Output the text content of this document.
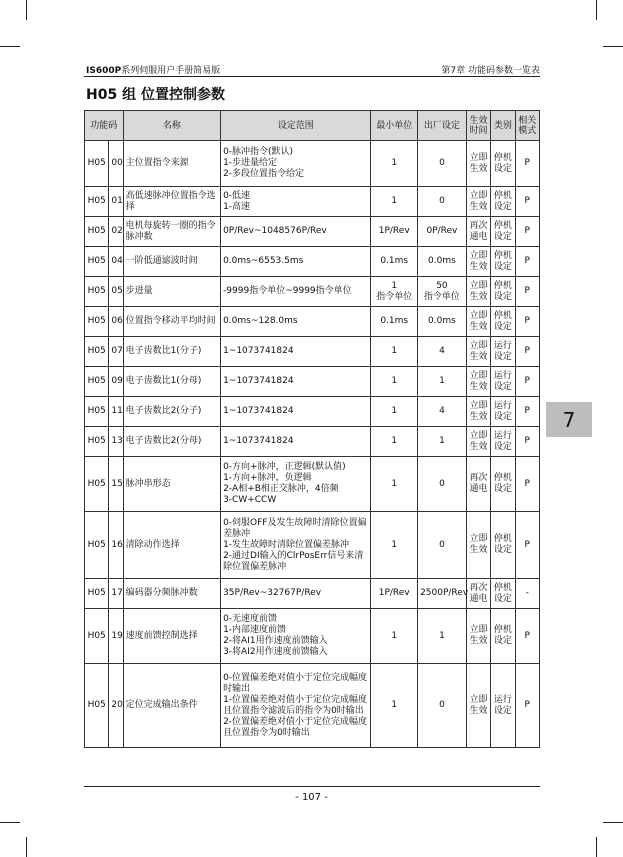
IS600P系列伺服用户手册简易版	第7章 功能码参数一览表
H05 组 位置控制参数
功能码		名称	设定范围	最小单位	出厂设定	生效时间	类别	相关模式
H05	00	主位置指令来源	0-脉冲指令(默认)
1-步进量给定
2-多段位置指令给定	1	0	立即生效	停机设定	P
H05	01	高低速脉冲位置指令选择	0-低速
1-高速	1	0	立即生效	停机设定	P
H05	02	电机每旋转一圈的指令脉冲数	0P/Rev~1048576P/Rev	1P/Rev	0P/Rev	再次通电	停机设定	P
H05	04	一阶低通滤波时间	0.0ms~6553.5ms	0.1ms	0.0ms	立即生效	停机设定	P
H05	05	步进量	-9999指令单位~9999指令单位	1
指令单位	50
指令单位	立即生效	停机设定	P
H05	06	位置指令移动平均时间	0.0ms~128.0ms	0.1ms	0.0ms	立即生效	停机设定	P
H05	07	电子齿数比1(分子)	1~1073741824	1	4	立即生效	运行设定	P
H05	09	电子齿数比1(分母)	1~1073741824	1	1	立即生效	运行设定	P
H05	11	电子齿数比2(分子)	1~1073741824	1	4	立即生效	运行设定	P
H05	13	电子齿数比2(分母)	1~1073741824	1	1	立即生效	运行设定	P
H05	15	脉冲串形态	0-方向+脉冲，正逻辑(默认值)
1-方向+脉冲，负逻辑
2-A相+B相正交脉冲，4倍频
3-CW+CCW	1	0	再次通电	停机设定	P
H05	16	清除动作选择	0-伺服OFF及发生故障时清除位置偏差脉冲
1-发生故障时清除位置偏差脉冲
2-通过DI输入的ClrPosErr信号来清除位置偏差脉冲	1	0	立即生效	停机设定	P
H05	17	编码器分频脉冲数	35P/Rev~32767P/Rev	1P/Rev	2500P/Rev	再次通电	停机设定	-
H05	19	速度前馈控制选择	0-无速度前馈
1-内部速度前馈
2-将AI1用作速度前馈输入
3-将AI2用作速度前馈输入	1	1	立即生效	停机设定	P
H05	20	定位完成输出条件	0-位置偏差绝对值小于定位完成幅度时输出
1-位置偏差绝对值小于定位完成幅度且位置指令滤波后的指令为0时输出
2-位置偏差绝对值小于定位完成幅度且位置指令为0时输出	1	0	立即生效	运行设定	P
- 107 -
7
